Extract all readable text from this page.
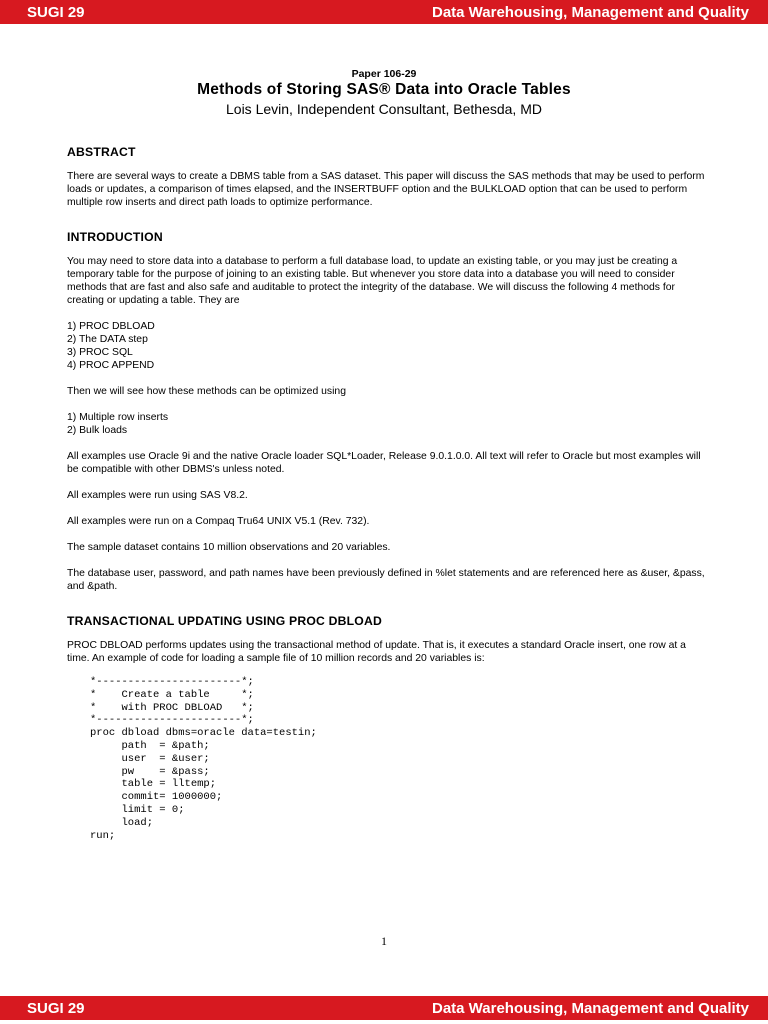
SUGI 29	Data Warehousing, Management and Quality
Paper 106-29
Methods of Storing SAS® Data into Oracle Tables
Lois Levin, Independent Consultant, Bethesda, MD
ABSTRACT

There are several ways to create a DBMS table from a SAS dataset. This paper will discuss the SAS methods that may be used to perform loads or updates, a comparison of times elapsed, and the INSERTBUFF option and the BULKLOAD option that can be used to perform multiple row inserts and direct path loads to optimize performance.

INTRODUCTION

You may need to store data into a database to perform a full database load, to update an existing table, or you may just be creating a temporary table for the purpose of joining to an existing table. But whenever you store data into a database you will need to consider methods that are fast and also safe and auditable to protect the integrity of the database. We will discuss the following 4 methods for creating or updating a table. They are

1) PROC DBLOAD
2) The DATA step
3) PROC SQL
4) PROC APPEND

Then we will see how these methods can be optimized using

1) Multiple row inserts
2) Bulk loads

All examples use Oracle 9i and the native Oracle loader SQL*Loader, Release 9.0.1.0.0. All text will refer to Oracle but most examples will be compatible with other DBMS's unless noted.

All examples were run using SAS V8.2.

All examples were run on a Compaq Tru64 UNIX V5.1 (Rev. 732).

The sample dataset contains 10 million observations and 20 variables.

The database user, password, and path names have been previously defined in %let statements and are referenced here as &user, &pass, and &path.

TRANSACTIONAL UPDATING USING PROC DBLOAD

PROC DBLOAD performs updates using the transactional method of update. That is, it executes a standard Oracle insert, one row at a time. An example of code for loading a sample file of 10 million records and 20 variables is:

*-----------------------*;
*    Create a table     *;
*    with PROC DBLOAD   *;
*-----------------------*;
proc dbload dbms=oracle data=testin;
path  = &path;
user  = &user;
pw    = &pass;
table = lltemp;
commit= 1000000;
limit = 0;
load;
run;
1
SUGI 29	Data Warehousing, Management and Quality
